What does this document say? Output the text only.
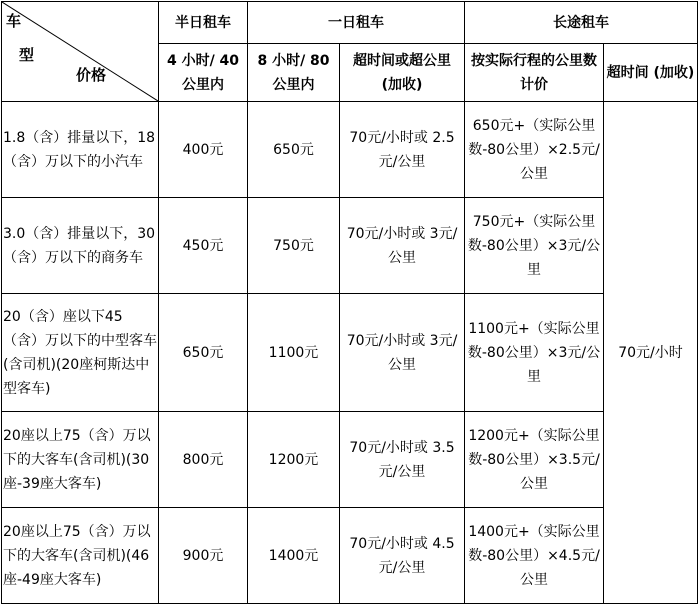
车
型
价格	半日租车	一日租车		长途租车	
	4 小时/ 40 公里内	8 小时/ 80 公里内	超时间或超公里 (加收)	按实际行程的公里数计价	超时间 (加收)
1.8（含）排量以下，18（含）万以下的小汽车	400元	650元	70元/小时或 2.5元/公里	650元+（实际公里数-80公里）×2.5元/公里	70元/小时
3.0（含）排量以下，30（含）万以下的商务车	450元	750元	70元/小时或 3元/公里	750元+（实际公里数-80公里）×3元/公里	
20（含）座以下45（含）万以下的中型客车(含司机)(20座柯斯达中型客车)	650元	1100元	70元/小时或 3元/公里	1100元+（实际公里数-80公里）×3元/公里	
20座以上75（含）万以下的大客车(含司机)(30座-39座大客车)	800元	1200元	70元/小时或 3.5元/公里	1200元+（实际公里数-80公里）×3.5元/公里	
20座以上75（含）万以下的大客车(含司机)(46座-49座大客车)	900元	1400元	70元/小时或 4.5元/公里	1400元+（实际公里数-80公里）×4.5元/公里	
